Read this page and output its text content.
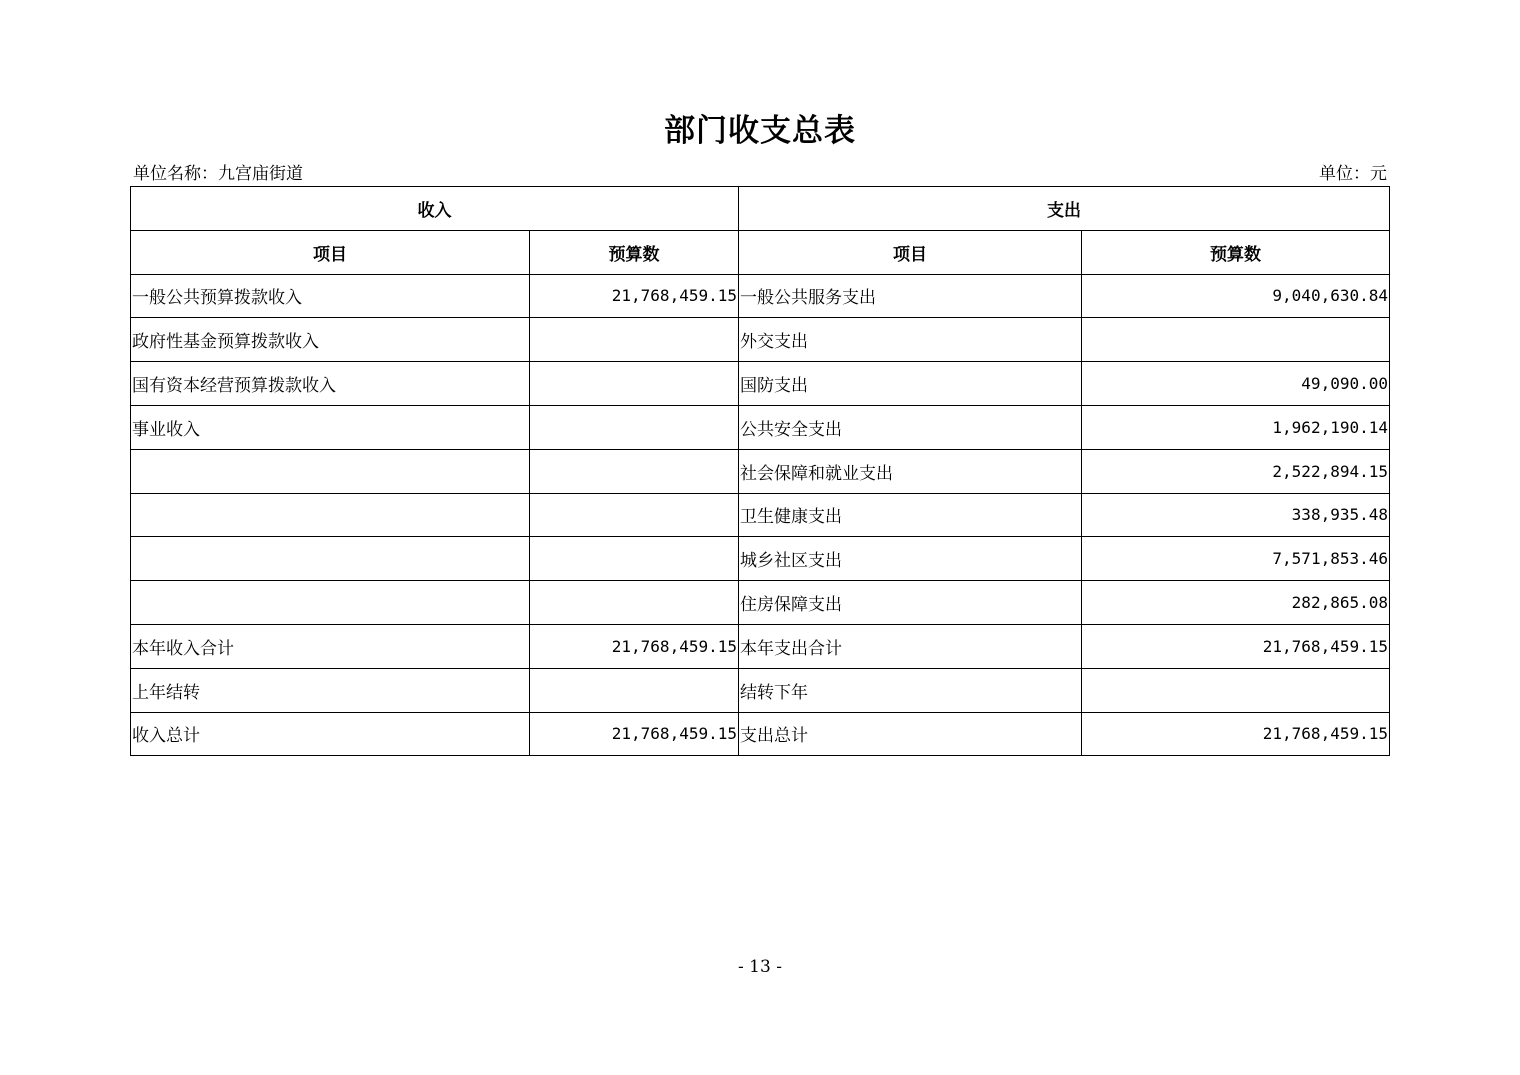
部门收支总表
单位名称：九宫庙街道	单位：元
收入		支出	
项目	预算数	项目	预算数
一般公共预算拨款收入	21,768,459.15	一般公共服务支出	9,040,630.84
政府性基金预算拨款收入		外交支出	
国有资本经营预算拨款收入		国防支出	49,090.00
事业收入		公共安全支出	1,962,190.14
		社会保障和就业支出	2,522,894.15
		卫生健康支出	338,935.48
		城乡社区支出	7,571,853.46
		住房保障支出	282,865.08
本年收入合计	21,768,459.15	本年支出合计	21,768,459.15
上年结转		结转下年	
收入总计	21,768,459.15	支出总计	21,768,459.15
- 13 -
